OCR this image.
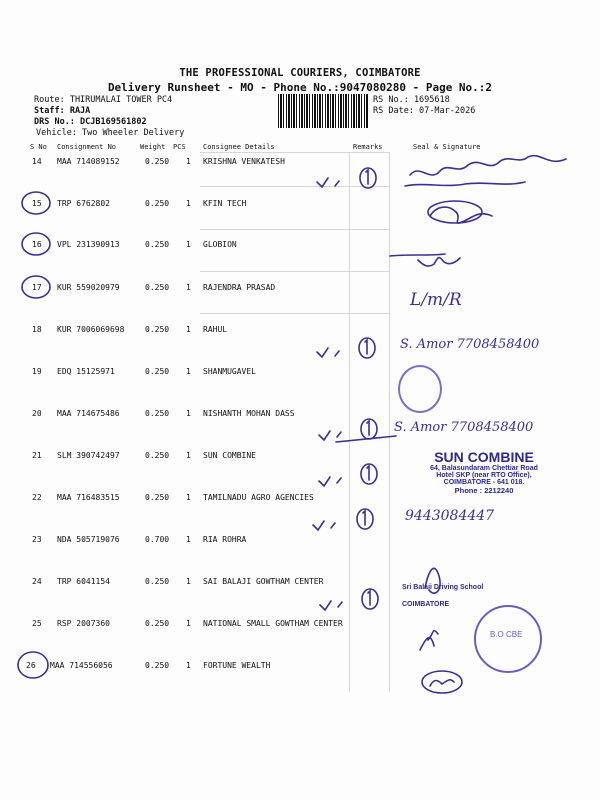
THE PROFESSIONAL COURIERS, COIMBATORE
Delivery Runsheet - MO - Phone No.:9047080280 - Page No.:2
Route: THIRUMALAI TOWER PC4
Staff: RAJA
DRS No.: DCJB169561802
Vehicle: Two Wheeler Delivery
RS No.: 1695618
RS Date: 07-Mar-2026
S No Consignment No	Weight PCS Consignee Details	Remarks	Seal & Signature
14 MAA 714089152	0.250 1 KRISHNA VENKATESH
15 TRP 6762802	0.250 1 KFIN TECH
16 VPL 231390913	0.250 1 GLOBION
17 KUR 559020979	0.250 1 RAJENDRA PRASAD
18 KUR 7006069698	0.250 1 RAHUL
19 EDQ 15125971	0.250 1 SHANMUGAVEL
20 MAA 714675486	0.250 1 NISHANTH MOHAN DASS
21 SLM 390742497	0.250 1 SUN COMBINE
22 MAA 716483515	0.250 1 TAMILNADU AGRO AGENCIES
23 NDA 505719076	0.700 1 RIA ROHRA
24 TRP 6041154	0.250 1 SAI BALAJI GOWTHAM CENTER
25 RSP 2007360	0.250 1 NATIONAL SMALL GOWTHAM CENTER
26 MAA 714556056	0.250 1 FORTUNE WEALTH
S. Amor 7708458400
S. Amor 7708458400
9443084447
L/m/R
SUN COMBINE
64, Balasundaram Chettiar Road
Hotel SKP (near RTO Office),
COIMBATORE - 641 018.
Phone : 2212240
Sri Balaji Driving School
COIMBATORE
B.O CBE
